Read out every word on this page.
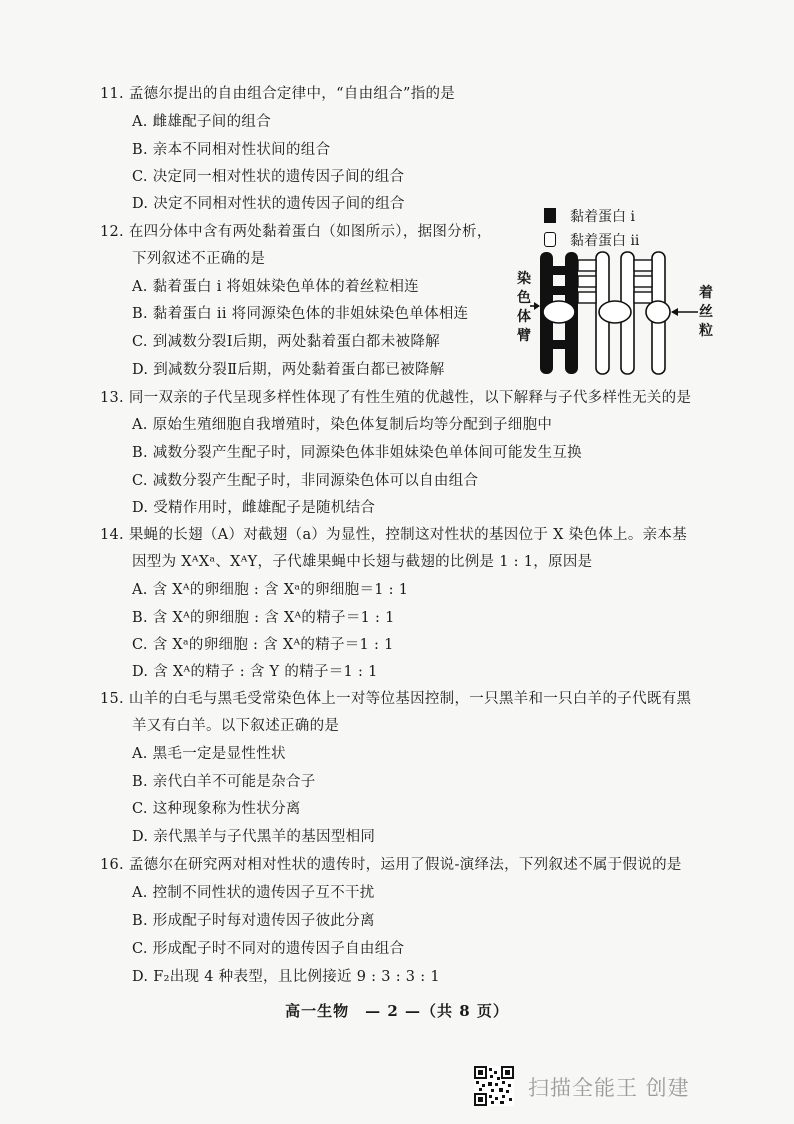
11. 孟德尔提出的自由组合定律中，“自由组合”指的是
A. 雌雄配子间的组合
B. 亲本不同相对性状间的组合
C. 决定同一相对性状的遗传因子间的组合
D. 决定不同相对性状的遗传因子间的组合
12. 在四分体中含有两处黏着蛋白（如图所示），据图分析，
下列叙述不正确的是
A. 黏着蛋白 i 将姐妹染色单体的着丝粒相连
B. 黏着蛋白 ii 将同源染色体的非姐妹染色单体相连
C. 到减数分裂Ⅰ后期，两处黏着蛋白都未被降解
D. 到减数分裂Ⅱ后期，两处黏着蛋白都已被降解
黏着蛋白 i
黏着蛋白 ii
染
色
体
臂
着
丝
粒
13. 同一双亲的子代呈现多样性体现了有性生殖的优越性，以下解释与子代多样性无关的是
A. 原始生殖细胞自我增殖时，染色体复制后均等分配到子细胞中
B. 减数分裂产生配子时，同源染色体非姐妹染色单体间可能发生互换
C. 减数分裂产生配子时，非同源染色体可以自由组合
D. 受精作用时，雌雄配子是随机结合
14. 果蝇的长翅（A）对截翅（a）为显性，控制这对性状的基因位于 X 染色体上。亲本基
因型为 XᴬXᵃ、XᴬY，子代雄果蝇中长翅与截翅的比例是 1 : 1，原因是
A. 含 Xᴬ的卵细胞 : 含 Xᵃ的卵细胞＝1 : 1
B. 含 Xᴬ的卵细胞 : 含 Xᴬ的精子＝1 : 1
C. 含 Xᵃ的卵细胞 : 含 Xᴬ的精子＝1 : 1
D. 含 Xᴬ的精子 : 含 Y 的精子＝1 : 1
15. 山羊的白毛与黑毛受常染色体上一对等位基因控制，一只黑羊和一只白羊的子代既有黑
羊又有白羊。以下叙述正确的是
A. 黑毛一定是显性性状
B. 亲代白羊不可能是杂合子
C. 这种现象称为性状分离
D. 亲代黑羊与子代黑羊的基因型相同
16. 孟德尔在研究两对相对性状的遗传时，运用了假说-演绎法，下列叙述不属于假说的是
A. 控制不同性状的遗传因子互不干扰
B. 形成配子时每对遗传因子彼此分离
C. 形成配子时不同对的遗传因子自由组合
D. F₂出现 4 种表型，且比例接近 9 : 3 : 3 : 1
高一生物　— 2 —（共 8 页）
扫描全能王 创建
